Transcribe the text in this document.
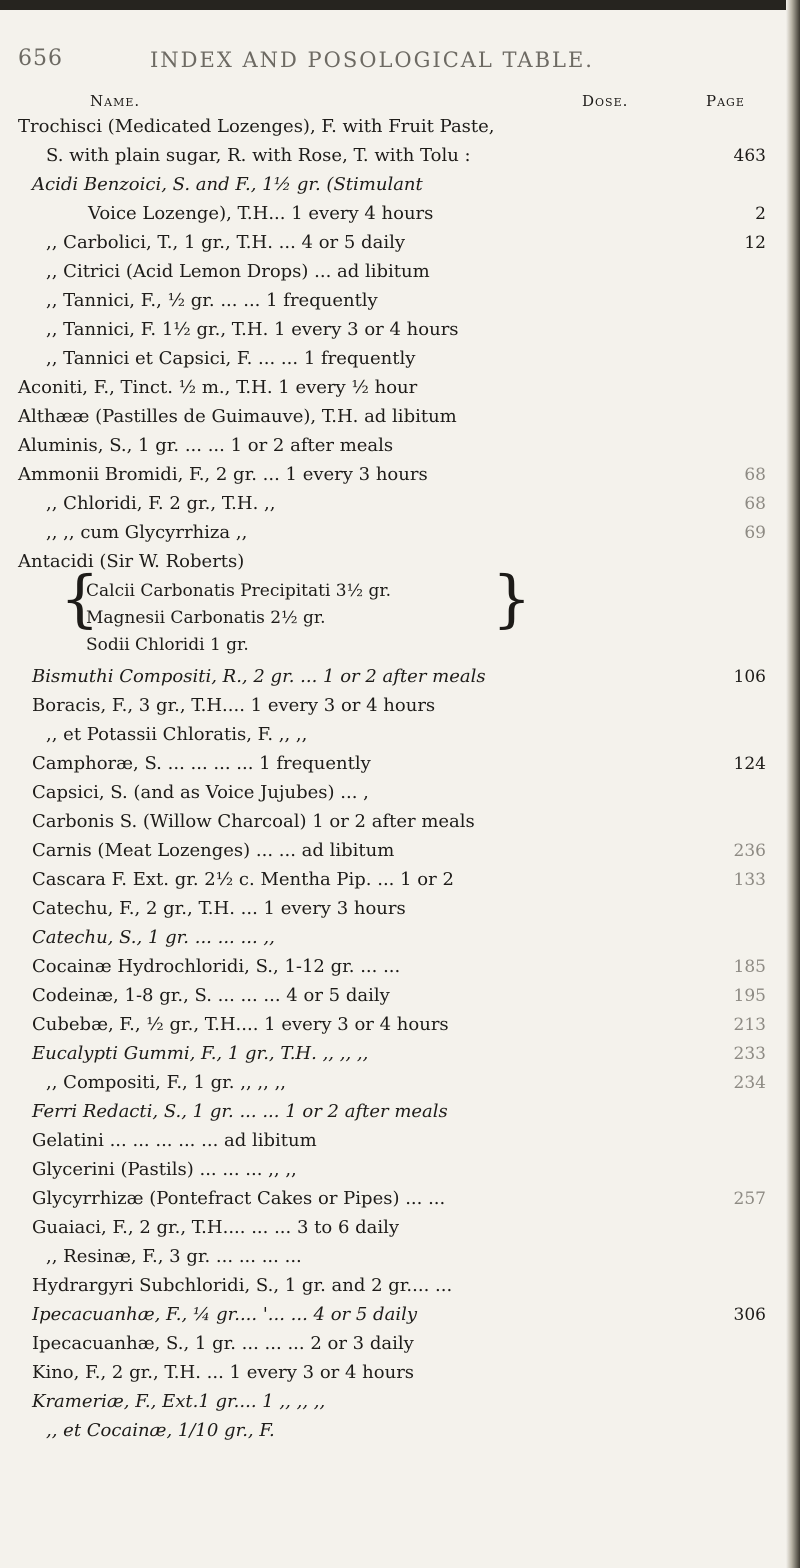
656	INDEX AND POSOLOGICAL TABLE.
Name.	Dose.	Page
Trochisci (Medicated Lozenges), F. with Fruit Paste,
S. with plain sugar, R. with Rose, T. with Tolu :	463
Acidi Benzoici, S. and F., 1½ gr. (Stimulant
Voice Lozenge), T.H... 1 every 4 hours	2
,, Carbolici, T., 1 gr., T.H. ... 4 or 5 daily	12
,, Citrici (Acid Lemon Drops) ... ad libitum
,, Tannici, F., ½ gr. ... ... 1 frequently
,, Tannici, F. 1½ gr., T.H. 1 every 3 or 4 hours
,, Tannici et Capsici, F. ... ... 1 frequently
Aconiti, F., Tinct. ½ m., T.H. 1 every ½ hour
Althææ (Pastilles de Guimauve), T.H. ad libitum
Aluminis, S., 1 gr. ... ... 1 or 2 after meals
Ammonii Bromidi, F., 2 gr. ... 1 every 3 hours	68
,, Chloridi, F. 2 gr., T.H. ,,	68
,, ,, cum Glycyrrhiza ,,	69
Antacidi (Sir W. Roberts)
{
Calcii Carbonatis Precipitati 3½ gr.
Magnesii Carbonatis 2½ gr.
Sodii Chloridi 1 gr.
}
Bismuthi Compositi, R., 2 gr. ... 1 or 2 after meals	106
Boracis, F., 3 gr., T.H.... 1 every 3 or 4 hours
,, et Potassii Chloratis, F. ,, ,,
Camphoræ, S. ... ... ... ... 1 frequently	124
Capsici, S. (and as Voice Jujubes) ... ,
Carbonis S. (Willow Charcoal) 1 or 2 after meals
Carnis (Meat Lozenges) ... ... ad libitum	236
Cascara F. Ext. gr. 2½ c. Mentha Pip. ... 1 or 2	133
Catechu, F., 2 gr., T.H. ... 1 every 3 hours
Catechu, S., 1 gr. ... ... ... ,,
Cocainæ Hydrochloridi, S., 1-12 gr. ... ...	185
Codeinæ, 1-8 gr., S. ... ... ... 4 or 5 daily	195
Cubebæ, F., ½ gr., T.H.... 1 every 3 or 4 hours	213
Eucalypti Gummi, F., 1 gr., T.H. ,, ,, ,,	233
,, Compositi, F., 1 gr. ,, ,, ,,	234
Ferri Redacti, S., 1 gr. ... ... 1 or 2 after meals
Gelatini ... ... ... ... ... ad libitum
Glycerini (Pastils) ... ... ... ,, ,,
Glycyrrhizæ (Pontefract Cakes or Pipes) ... ...	257
Guaiaci, F., 2 gr., T.H.... ... ... 3 to 6 daily
,, Resinæ, F., 3 gr. ... ... ... ...
Hydrargyri Subchloridi, S., 1 gr. and 2 gr.... ...
Ipecacuanhæ, F., ¼ gr.... '... ... 4 or 5 daily	306
Ipecacuanhæ, S., 1 gr. ... ... ... 2 or 3 daily
Kino, F., 2 gr., T.H. ... 1 every 3 or 4 hours
Krameriæ, F., Ext.1 gr.... 1 ,, ,, ,,
,, et Cocainæ, 1/10 gr., F.
